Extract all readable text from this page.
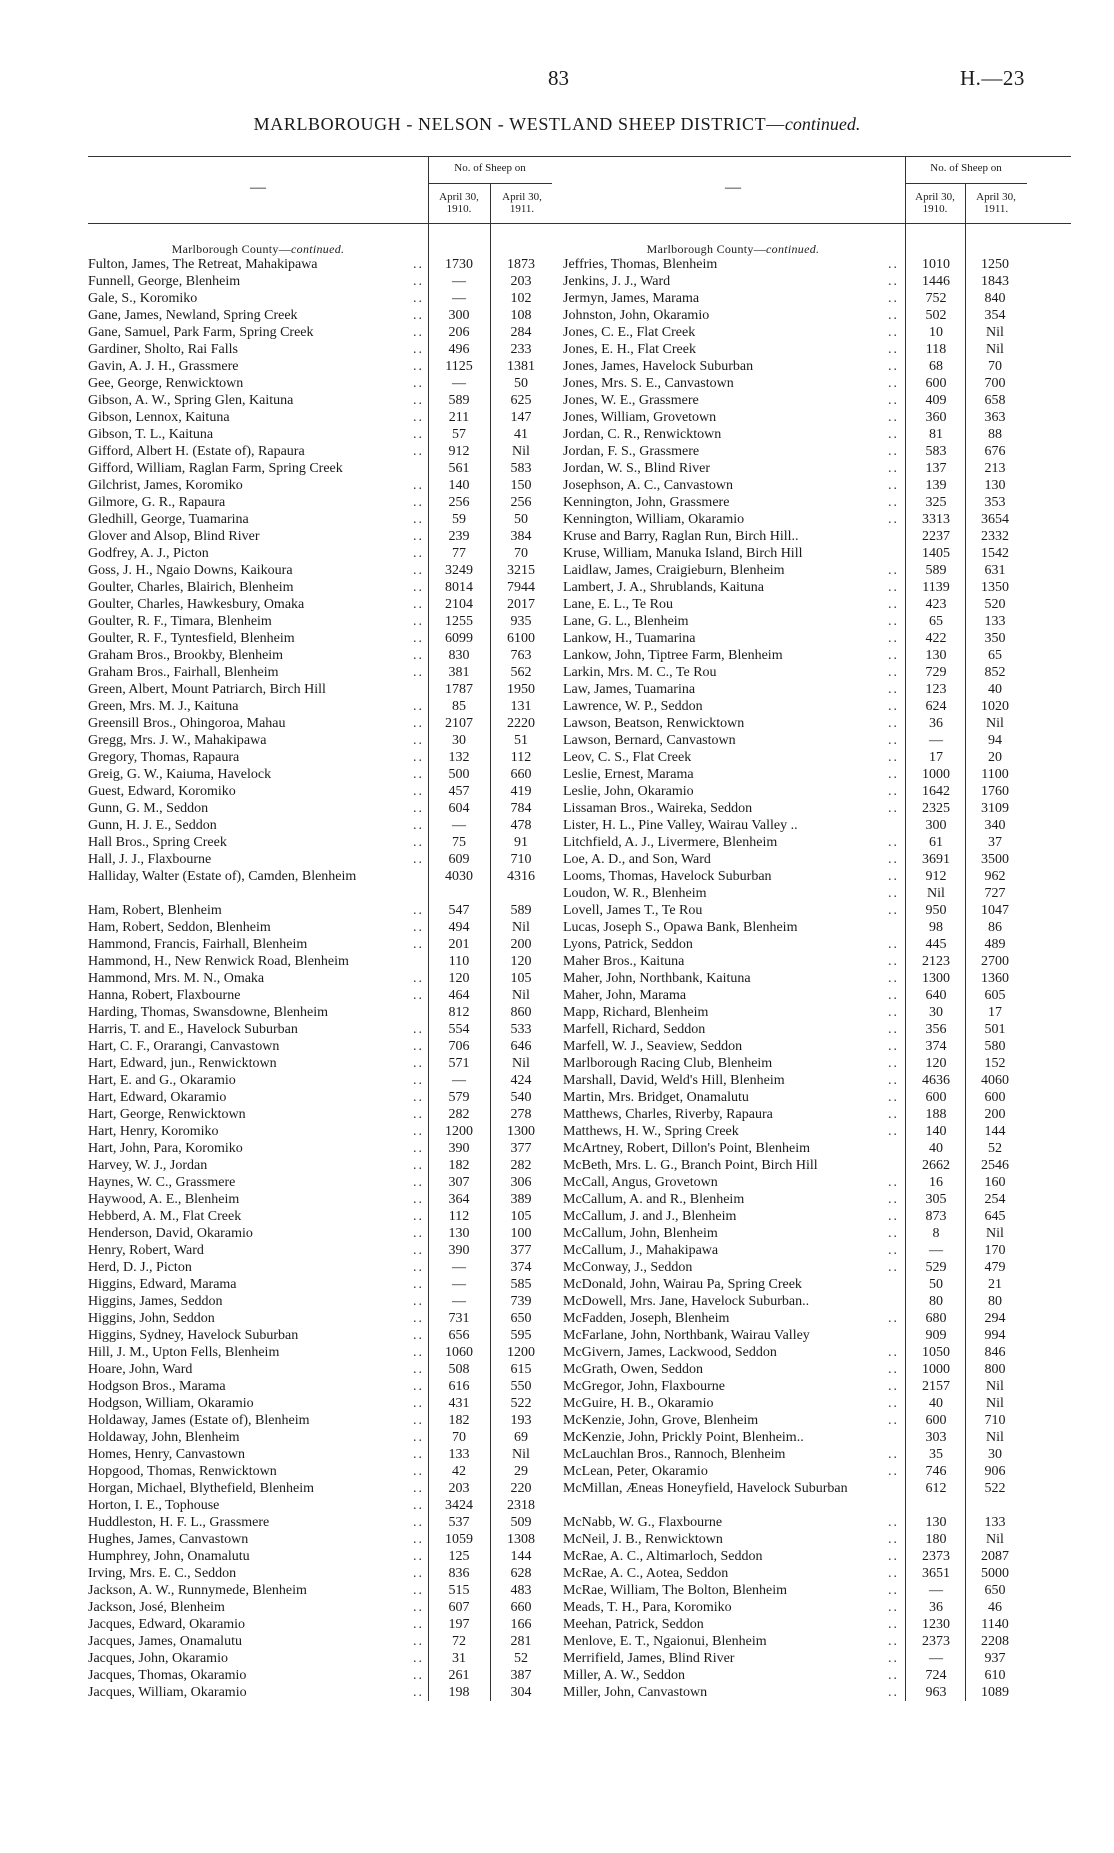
83	H.—23
MARLBOROUGH - NELSON - WESTLAND SHEEP DISTRICT—continued.
—
No. of Sheep on
April 30, 1910.
April 30, 1911.
Marlborough County—continued.
Fulton, James, The Retreat, Mahakipawa	..	1730	1873
Funnell, George, Blenheim	..	—	203
Gale, S., Koromiko	..	—	102
Gane, James, Newland, Spring Creek	..	300	108
Gane, Samuel, Park Farm, Spring Creek	..	206	284
Gardiner, Sholto, Rai Falls	..	496	233
Gavin, A. J. H., Grassmere	..	1125	1381
Gee, George, Renwicktown	..	—	50
Gibson, A. W., Spring Glen, Kaituna	..	589	625
Gibson, Lennox, Kaituna	..	211	147
Gibson, T. L., Kaituna	..	57	41
Gifford, Albert H. (Estate of), Rapaura	..	912	Nil
Gifford, William, Raglan Farm, Spring Creek	561	583
Gilchrist, James, Koromiko	..	140	150
Gilmore, G. R., Rapaura	..	256	256
Gledhill, George, Tuamarina	..	59	50
Glover and Alsop, Blind River	..	239	384
Godfrey, A. J., Picton	..	77	70
Goss, J. H., Ngaio Downs, Kaikoura	..	3249	3215
Goulter, Charles, Blairich, Blenheim	..	8014	7944
Goulter, Charles, Hawkesbury, Omaka	..	2104	2017
Goulter, R. F., Timara, Blenheim	..	1255	935
Goulter, R. F., Tyntesfield, Blenheim	..	6099	6100
Graham Bros., Brookby, Blenheim	..	830	763
Graham Bros., Fairhall, Blenheim	..	381	562
Green, Albert, Mount Patriarch, Birch Hill	1787	1950
Green, Mrs. M. J., Kaituna	..	85	131
Greensill Bros., Ohingoroa, Mahau	..	2107	2220
Gregg, Mrs. J. W., Mahakipawa	..	30	51
Gregory, Thomas, Rapaura	..	132	112
Greig, G. W., Kaiuma, Havelock	..	500	660
Guest, Edward, Koromiko	..	457	419
Gunn, G. M., Seddon	..	604	784
Gunn, H. J. E., Seddon	..	—	478
Hall Bros., Spring Creek	..	75	91
Hall, J. J., Flaxbourne	..	609	710
Halliday, Walter (Estate of), Camden, Blenheim	4030	4316
Ham, Robert, Blenheim	..	547	589
Ham, Robert, Seddon, Blenheim	..	494	Nil
Hammond, Francis, Fairhall, Blenheim	..	201	200
Hammond, H., New Renwick Road, Blenheim	110	120
Hammond, Mrs. M. N., Omaka	..	120	105
Hanna, Robert, Flaxbourne	..	464	Nil
Harding, Thomas, Swansdowne, Blenheim	812	860
Harris, T. and E., Havelock Suburban	..	554	533
Hart, C. F., Orarangi, Canvastown	..	706	646
Hart, Edward, jun., Renwicktown	..	571	Nil
Hart, E. and G., Okaramio	..	—	424
Hart, Edward, Okaramio	..	579	540
Hart, George, Renwicktown	..	282	278
Hart, Henry, Koromiko	..	1200	1300
Hart, John, Para, Koromiko	..	390	377
Harvey, W. J., Jordan	..	182	282
Haynes, W. C., Grassmere	..	307	306
Haywood, A. E., Blenheim	..	364	389
Hebberd, A. M., Flat Creek	..	112	105
Henderson, David, Okaramio	..	130	100
Henry, Robert, Ward	..	390	377
Herd, D. J., Picton	..	—	374
Higgins, Edward, Marama	..	—	585
Higgins, James, Seddon	..	—	739
Higgins, John, Seddon	..	731	650
Higgins, Sydney, Havelock Suburban	..	656	595
Hill, J. M., Upton Fells, Blenheim	..	1060	1200
Hoare, John, Ward	..	508	615
Hodgson Bros., Marama	..	616	550
Hodgson, William, Okaramio	..	431	522
Holdaway, James (Estate of), Blenheim	..	182	193
Holdaway, John, Blenheim	..	70	69
Homes, Henry, Canvastown	..	133	Nil
Hopgood, Thomas, Renwicktown	..	42	29
Horgan, Michael, Blythefield, Blenheim	..	203	220
Horton, I. E., Tophouse	..	3424	2318
Huddleston, H. F. L., Grassmere	..	537	509
Hughes, James, Canvastown	..	1059	1308
Humphrey, John, Onamalutu	..	125	144
Irving, Mrs. E. C., Seddon	..	836	628
Jackson, A. W., Runnymede, Blenheim	..	515	483
Jackson, José, Blenheim	..	607	660
Jacques, Edward, Okaramio	..	197	166
Jacques, James, Onamalutu	..	72	281
Jacques, John, Okaramio	..	31	52
Jacques, Thomas, Okaramio	..	261	387
Jacques, William, Okaramio	..	198	304
—
No. of Sheep on
April 30, 1910.
April 30, 1911.
Marlborough County—continued.
Jeffries, Thomas, Blenheim	..	1010	1250
Jenkins, J. J., Ward	..	1446	1843
Jermyn, James, Marama	..	752	840
Johnston, John, Okaramio	..	502	354
Jones, C. E., Flat Creek	..	10	Nil
Jones, E. H., Flat Creek	..	118	Nil
Jones, James, Havelock Suburban	..	68	70
Jones, Mrs. S. E., Canvastown	..	600	700
Jones, W. E., Grassmere	..	409	658
Jones, William, Grovetown	..	360	363
Jordan, C. R., Renwicktown	..	81	88
Jordan, F. S., Grassmere	..	583	676
Jordan, W. S., Blind River	..	137	213
Josephson, A. C., Canvastown	..	139	130
Kennington, John, Grassmere	..	325	353
Kennington, William, Okaramio	..	3313	3654
Kruse and Barry, Raglan Run, Birch Hill..	2237	2332
Kruse, William, Manuka Island, Birch Hill	1405	1542
Laidlaw, James, Craigieburn, Blenheim	..	589	631
Lambert, J. A., Shrublands, Kaituna	..	1139	1350
Lane, E. L., Te Rou	..	423	520
Lane, G. L., Blenheim	..	65	133
Lankow, H., Tuamarina	..	422	350
Lankow, John, Tiptree Farm, Blenheim	..	130	65
Larkin, Mrs. M. C., Te Rou	..	729	852
Law, James, Tuamarina	..	123	40
Lawrence, W. P., Seddon	..	624	1020
Lawson, Beatson, Renwicktown	..	36	Nil
Lawson, Bernard, Canvastown	..	—	94
Leov, C. S., Flat Creek	..	17	20
Leslie, Ernest, Marama	..	1000	1100
Leslie, John, Okaramio	..	1642	1760
Lissaman Bros., Waireka, Seddon	..	2325	3109
Lister, H. L., Pine Valley, Wairau Valley ..	300	340
Litchfield, A. J., Livermere, Blenheim	..	61	37
Loe, A. D., and Son, Ward	..	3691	3500
Looms, Thomas, Havelock Suburban	..	912	962
Loudon, W. R., Blenheim	..	Nil	727
Lovell, James T., Te Rou	..	950	1047
Lucas, Joseph S., Opawa Bank, Blenheim	98	86
Lyons, Patrick, Seddon	..	445	489
Maher Bros., Kaituna	..	2123	2700
Maher, John, Northbank, Kaituna	..	1300	1360
Maher, John, Marama	..	640	605
Mapp, Richard, Blenheim	..	30	17
Marfell, Richard, Seddon	..	356	501
Marfell, W. J., Seaview, Seddon	..	374	580
Marlborough Racing Club, Blenheim	..	120	152
Marshall, David, Weld's Hill, Blenheim	..	4636	4060
Martin, Mrs. Bridget, Onamalutu	..	600	600
Matthews, Charles, Riverby, Rapaura	..	188	200
Matthews, H. W., Spring Creek	..	140	144
McArtney, Robert, Dillon's Point, Blenheim	40	52
McBeth, Mrs. L. G., Branch Point, Birch Hill	2662	2546
McCall, Angus, Grovetown	..	16	160
McCallum, A. and R., Blenheim	..	305	254
McCallum, J. and J., Blenheim	..	873	645
McCallum, John, Blenheim	..	8	Nil
McCallum, J., Mahakipawa	..	—	170
McConway, J., Seddon	..	529	479
McDonald, John, Wairau Pa, Spring Creek	50	21
McDowell, Mrs. Jane, Havelock Suburban..	80	80
McFadden, Joseph, Blenheim	..	680	294
McFarlane, John, Northbank, Wairau Valley	909	994
McGivern, James, Lackwood, Seddon	..	1050	846
McGrath, Owen, Seddon	..	1000	800
McGregor, John, Flaxbourne	..	2157	Nil
McGuire, H. B., Okaramio	..	40	Nil
McKenzie, John, Grove, Blenheim	..	600	710
McKenzie, John, Prickly Point, Blenheim..	303	Nil
McLauchlan Bros., Rannoch, Blenheim	..	35	30
McLean, Peter, Okaramio	..	746	906
McMillan, Æneas Honeyfield, Havelock Suburban	612	522
McNabb, W. G., Flaxbourne	..	130	133
McNeil, J. B., Renwicktown	..	180	Nil
McRae, A. C., Altimarloch, Seddon	..	2373	2087
McRae, A. C., Aotea, Seddon	..	3651	5000
McRae, William, The Bolton, Blenheim	..	—	650
Meads, T. H., Para, Koromiko	..	36	46
Meehan, Patrick, Seddon	..	1230	1140
Menlove, E. T., Ngaionui, Blenheim	..	2373	2208
Merrifield, James, Blind River	..	—	937
Miller, A. W., Seddon	..	724	610
Miller, John, Canvastown	..	963	1089
